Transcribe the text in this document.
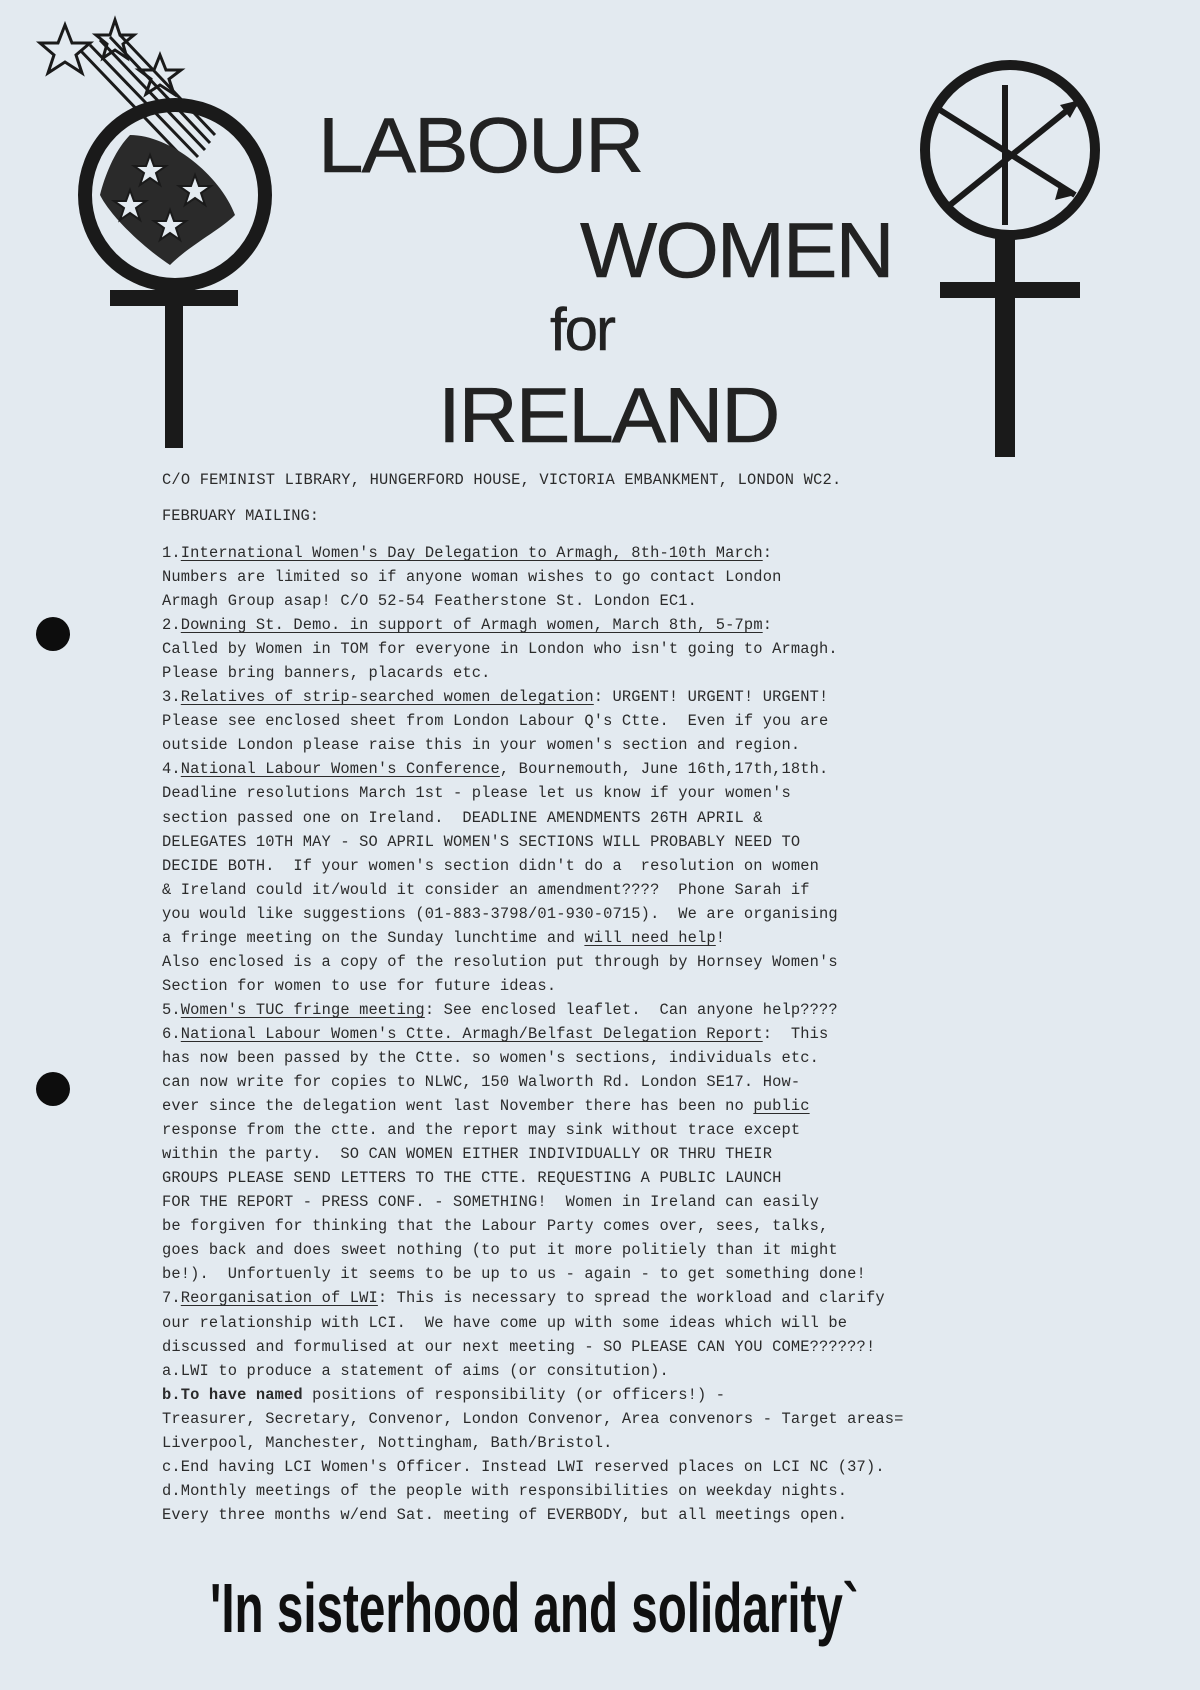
LABOUR
WOMEN
for
IRELAND
C/O FEMINIST LIBRARY, HUNGERFORD HOUSE, VICTORIA EMBANKMENT, LONDON WC2.
FEBRUARY MAILING:
1.International Women's Day Delegation to Armagh, 8th-10th March:
Numbers are limited so if anyone woman wishes to go contact London
Armagh Group asap! C/O 52-54 Featherstone St. London EC1.
2.Downing St. Demo. in support of Armagh women, March 8th, 5-7pm:
Called by Women in TOM for everyone in London who isn't going to Armagh.
Please bring banners, placards etc.
3.Relatives of strip-searched women delegation: URGENT! URGENT! URGENT!
Please see enclosed sheet from London Labour Q's Ctte.  Even if you are
outside London please raise this in your women's section and region.
4.National Labour Women's Conference, Bournemouth, June 16th,17th,18th.
Deadline resolutions March 1st - please let us know if your women's
section passed one on Ireland.  DEADLINE AMENDMENTS 26TH APRIL &
DELEGATES 10TH MAY - SO APRIL WOMEN'S SECTIONS WILL PROBABLY NEED TO
DECIDE BOTH.  If your women's section didn't do a  resolution on women
& Ireland could it/would it consider an amendment????  Phone Sarah if
you would like suggestions (01-883-3798/01-930-0715).  We are organising
a fringe meeting on the Sunday lunchtime and will need help!
Also enclosed is a copy of the resolution put through by Hornsey Women's
Section for women to use for future ideas.
5.Women's TUC fringe meeting: See enclosed leaflet.  Can anyone help????
6.National Labour Women's Ctte. Armagh/Belfast Delegation Report:  This
has now been passed by the Ctte. so women's sections, individuals etc.
can now write for copies to NLWC, 150 Walworth Rd. London SE17. How-
ever since the delegation went last November there has been no public
response from the ctte. and the report may sink without trace except
within the party.  SO CAN WOMEN EITHER INDIVIDUALLY OR THRU THEIR
GROUPS PLEASE SEND LETTERS TO THE CTTE. REQUESTING A PUBLIC LAUNCH
FOR THE REPORT - PRESS CONF. - SOMETHING!  Women in Ireland can easily
be forgiven for thinking that the Labour Party comes over, sees, talks,
goes back and does sweet nothing (to put it more politiely than it might
be!).  Unfortuenly it seems to be up to us - again - to get something done!
7.Reorganisation of LWI: This is necessary to spread the workload and clarify
our relationship with LCI.  We have come up with some ideas which will be
discussed and formulised at our next meeting - SO PLEASE CAN YOU COME??????!
a.LWI to produce a statement of aims (or consitution).
b.To have named positions of responsibility (or officers!) -
Treasurer, Secretary, Convenor, London Convenor, Area convenors - Target areas=
Liverpool, Manchester, Nottingham, Bath/Bristol.
c.End having LCI Women's Officer. Instead LWI reserved places on LCI NC (37).
d.Monthly meetings of the people with responsibilities on weekday nights.
Every three months w/end Sat. meeting of EVERBODY, but all meetings open.
'In sisterhood and solidarity`
